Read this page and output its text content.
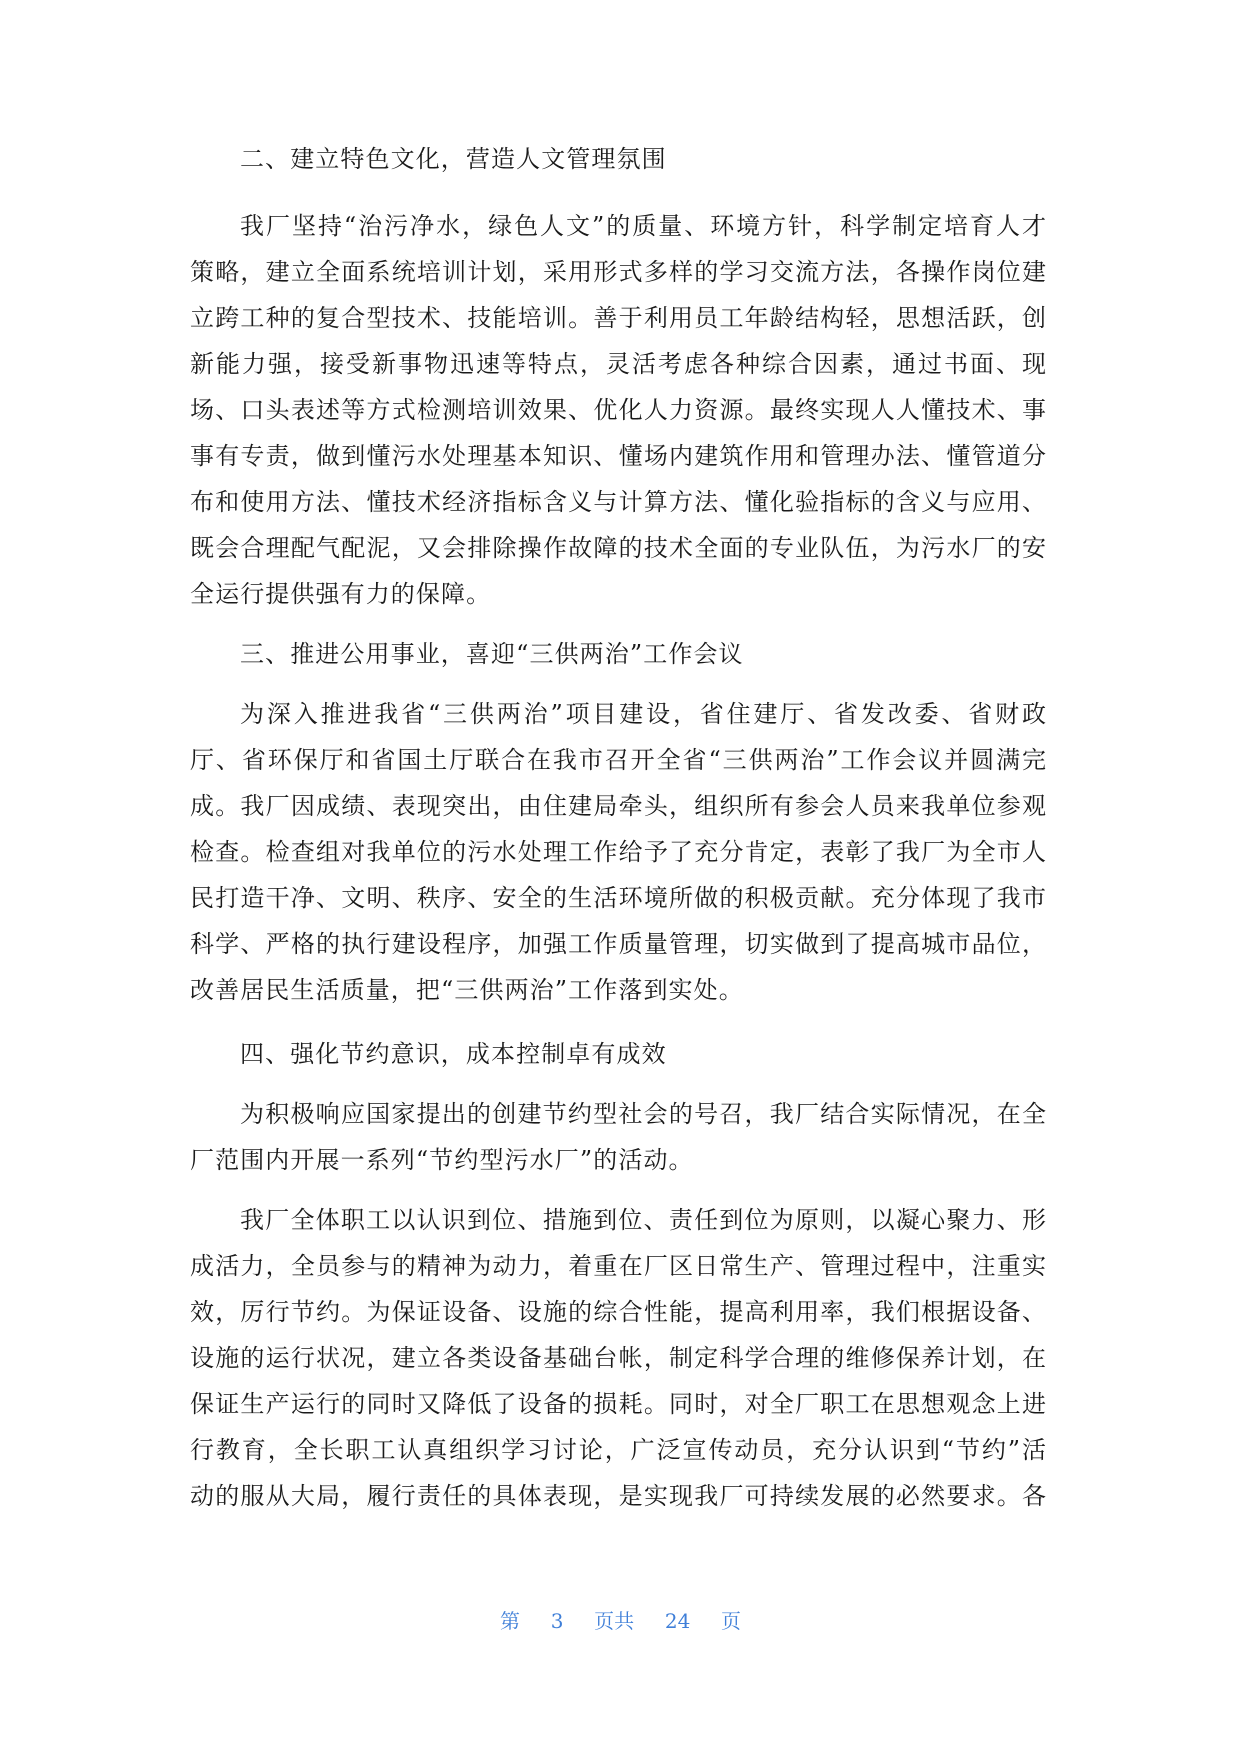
二、建立特色文化，营造人文管理氛围
我厂坚持“治污净水，绿色人文”的质量、环境方针，科学制定培育人才
策略，建立全面系统培训计划，采用形式多样的学习交流方法，各操作岗位建
立跨工种的复合型技术、技能培训。善于利用员工年龄结构轻，思想活跃，创
新能力强，接受新事物迅速等特点，灵活考虑各种综合因素，通过书面、现
场、口头表述等方式检测培训效果、优化人力资源。最终实现人人懂技术、事
事有专责，做到懂污水处理基本知识、懂场内建筑作用和管理办法、懂管道分
布和使用方法、懂技术经济指标含义与计算方法、懂化验指标的含义与应用、
既会合理配气配泥，又会排除操作故障的技术全面的专业队伍，为污水厂的安
全运行提供强有力的保障。
三、推进公用事业，喜迎“三供两治”工作会议
为深入推进我省“三供两治”项目建设，省住建厅、省发改委、省财政
厅、省环保厅和省国土厅联合在我市召开全省“三供两治”工作会议并圆满完
成。我厂因成绩、表现突出，由住建局牵头，组织所有参会人员来我单位参观
检查。检查组对我单位的污水处理工作给予了充分肯定，表彰了我厂为全市人
民打造干净、文明、秩序、安全的生活环境所做的积极贡献。充分体现了我市
科学、严格的执行建设程序，加强工作质量管理，切实做到了提高城市品位，
改善居民生活质量，把“三供两治”工作落到实处。
四、强化节约意识，成本控制卓有成效
为积极响应国家提出的创建节约型社会的号召，我厂结合实际情况，在全
厂范围内开展一系列“节约型污水厂”的活动。
我厂全体职工以认识到位、措施到位、责任到位为原则，以凝心聚力、形
成活力，全员参与的精神为动力，着重在厂区日常生产、管理过程中，注重实
效，厉行节约。为保证设备、设施的综合性能，提高利用率，我们根据设备、
设施的运行状况，建立各类设备基础台帐，制定科学合理的维修保养计划，在
保证生产运行的同时又降低了设备的损耗。同时，对全厂职工在思想观念上进
行教育，全长职工认真组织学习讨论，广泛宣传动员，充分认识到“节约”活
动的服从大局，履行责任的具体表现，是实现我厂可持续发展的必然要求。各
第 3 页共 24 页
